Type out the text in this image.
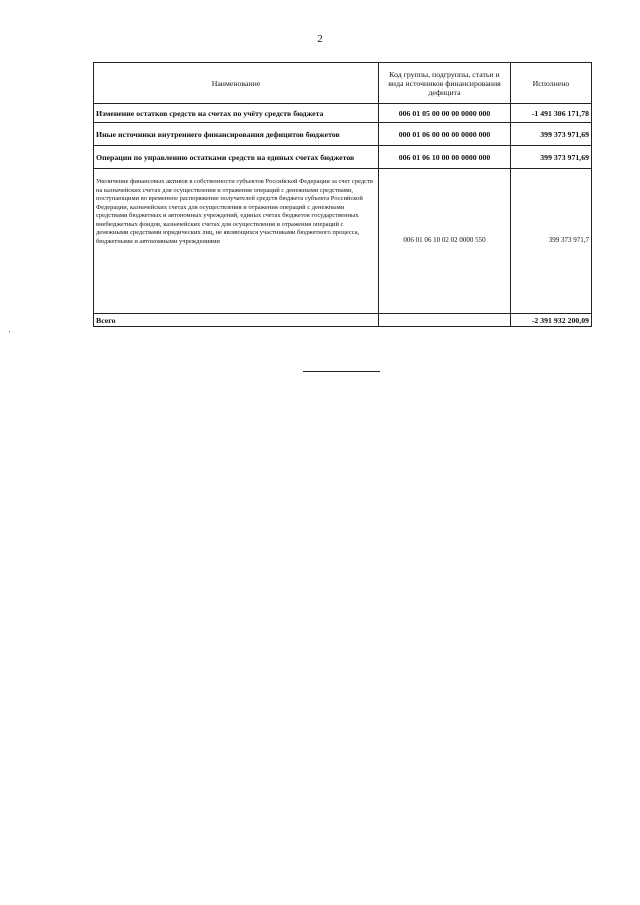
2
Наименование	Код группы, подгруппы, статьи и вида источников финансирования дефицита	Исполнено
Изменение остатков средств на счетах по учёту средств бюджета	006 01 05 00 00 00 0000 000	-1 491 306 171,78
Иные источники внутреннего финансирования дефицитов бюджетов	000 01 06 00 00 00 0000 000	399 373 971,69
Операции по управлению остатками средств на единых счетах бюджетов	006 01 06 10 00 00 0000 000	399 373 971,69
Увеличение финансовых активов в собственности субъектов Российской Федерации за счет средств на казначейских счетах для осуществления и отражения операций с денежными средствами, поступающими во временное распоряжение получателей средств бюджета субъекта Российской Федерации, казначейских счетах для осуществления и отражения операций с денежными средствами бюджетных и автономных учреждений, единых счетах бюджетов государственных внебюджетных фондов, казначейских счетах для осуществления и отражения операций с денежными средствами юридических лиц, не являющихся участниками бюджетного процесса, бюджетными и автономными учреждениями	006 01 06 10 02 02 0000 550	399 373 971,7
Всего		-2 391 932 200,09
